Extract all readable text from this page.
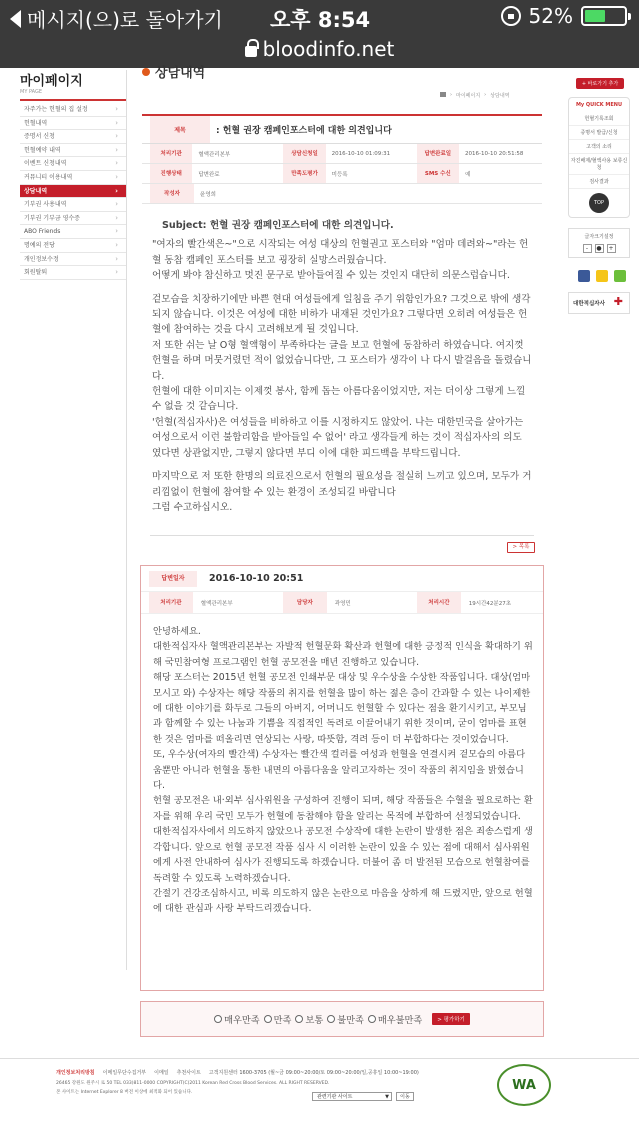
메시지(으)로 돌아가기 오후 8:54	52%
bloodinfo.net
마이페이지
MY PAGE
자주가는 헌혈의 집 설정 ›
헌혈내역 ›
증명서 신청 ›
헌혈예약 내역 ›
이벤트 신청내역 ›
커뮤니티 이용내역 ›
상담내역 ›
기부권 사용내역 ›
기부권 기부금 영수증 ›
ABO Friends ›
명예의 전당 ›
개인정보수정 ›
회원탈퇴 ›
상담내역
› 마이페이지 › 상담내역
제목	: 헌혈 권장 캠페인포스터에 대한 의견입니다
처리기관	혈액관리본부	상담신청일	2016-10-10 01:09:31	답변완료일	2016-10-10 20:51:58
진행상태	답변완료	만족도평가	미등록	SMS 수신	예
작성자	윤영희
Subject: 헌혈 권장 캠페인포스터에 대한 의견입니다.

"여자의 빨간색은~"으로 시작되는 여성 대상의 헌혈권고 포스터와 "엄마 데려와~"라는 헌혈 동참 캠페인 포스터를 보고 굉장히 실망스러웠습니다.
어떻게 봐야 참신하고 멋진 문구로 받아들여질 수 있는 것인지 대단히 의문스럽습니다.

겉모습을 치장하기에만 바쁜 현대 여성들에게 일침을 주기 위함인가요? 그것으로 밖에 생각되지 않습니다. 이것은 여성에 대한 비하가 내재된 것인가요? 그렇다면 오히려 여성들은 헌혈에 참여하는 것을 다시 고려해보게 될 것입니다.
저 또한 쉬는 날 O형 혈액형이 부족하다는 글을 보고 헌혈에 동참하러 하였습니다. 여지껏 헌혈을 하며 머뭇거렸던 적이 없었습니다만, 그 포스터가 생각이 나 다시 발걸음을 돌렸습니다.
헌혈에 대한 이미지는 이제껏 봉사, 함께 돕는 아름다움이었지만, 저는 더이상 그렇게 느낄 수 없을 것 같습니다.
'헌혈(적십자사)은 여성들을 비하하고 이를 시정하지도 않았어. 나는 대한민국을 살아가는 여성으로서 이런 불합리함을 받아들일 수 없어' 라고 생각들게 하는 것이 적십자사의 의도 였다면 상관없지만, 그렇지 않다면 부디 이에 대한 피드백을 부탁드립니다.

마지막으로 저 또한 한명의 의료진으로서 헌혈의 필요성을 절실히 느끼고 있으며, 모두가 거리낌없이 헌혈에 참여할 수 있는 환경이 조성되길 바랍니다
그럼 수고하십시오.

> 목록
답변일자	2016-10-10 20:51
처리기관	혈액관리본부	담당자	곽영민	처리시간	19시간42분27초
안녕하세요.
대한적십자사 혈액관리본부는 자발적 헌혈문화 확산과 헌혈에 대한 긍정적 인식을 확대하기 위해 국민참여형 프로그램인 헌혈 공모전을 매년 진행하고 있습니다.
해당 포스터는 2015년 헌혈 공모전 인쇄부문 대상 및 우수상을 수상한 작품입니다. 대상(엄마모시고 와) 수상자는 해당 작품의 취지를 헌혈을 많이 하는 젊은 층이 간과할 수 있는 나이제한에 대한 이야기를 화두로 그들의 아버지, 어머니도 헌혈할 수 있다는 점을 환기시키고, 부모님과 함께할 수 있는 나눔과 기쁨을 직접적인 독려로 이끌어내기 위한 것이며, 굳이 엄마를 표현한 것은 엄마를 떠올리면 연상되는 사랑, 따뜻함, 격려 등이 더 부합하다는 것이었습니다.
또, 우수상(여자의 빨간색) 수상자는 빨간색 컬러를 여성과 헌혈을 연결시켜 겉모습의 아름다움뿐만 아니라 헌혈을 통한 내면의 아름다움을 알리고자하는 것이 작품의 취지임을 밝혔습니다.
헌혈 공모전은 내·외부 심사위원을 구성하여 진행이 되며, 해당 작품들은 수혈을 필요로하는 환자를 위해 우리 국민 모두가 헌혈에 동참해야 함을 알리는 목적에 부합하여 선정되었습니다.
대한적십자사에서 의도하지 않았으나 공모전 수상작에 대한 논란이 발생한 점은 죄송스럽게 생각합니다. 앞으로 헌혈 공모전 작품 심사 시 이러한 논란이 있을 수 있는 점에 대해서 심사위원에게 사전 안내하여 심사가 진행되도록 하겠습니다. 더불어 좀 더 발전된 모습으로 헌혈참여를 독려할 수 있도록 노력하겠습니다.
간절기 건강조심하시고, 비록 의도하지 않은 논란으로 마음을 상하게 해 드렸지만, 앞으로 헌혈에 대한 관심과 사랑 부탁드리겠습니다.
매우만족 만족 보통 불만족 매우불만족	> 평가하기
개인정보처리방침 이메일무단수집거부 이메일 추천사이트 고객지원센터 1600-3705 (월~금 09:00~20:00/토 09:00~20:00/일,공휴일 10:00~19:00)
26465 강원도 원주시 로 50 TEL 033)811-0000 COPYRIGHT(C)2011 Korean Red Cross Blood Services. ALL RIGHT RESERVED.
본 사이트는 Internet Explorer 8 버전 이상에 최적화 되어 있습니다.
관련기관 사이트 ▼	이동
WA
+ 바로가기 추가
My QUICK MENU
헌혈기록조회
증명서 발급/신청
고객의 소리
자진배제/혈액사용 보류신청
검사결과
TOP
글자크기설정
-	●	+
대한적십자사 ✚
